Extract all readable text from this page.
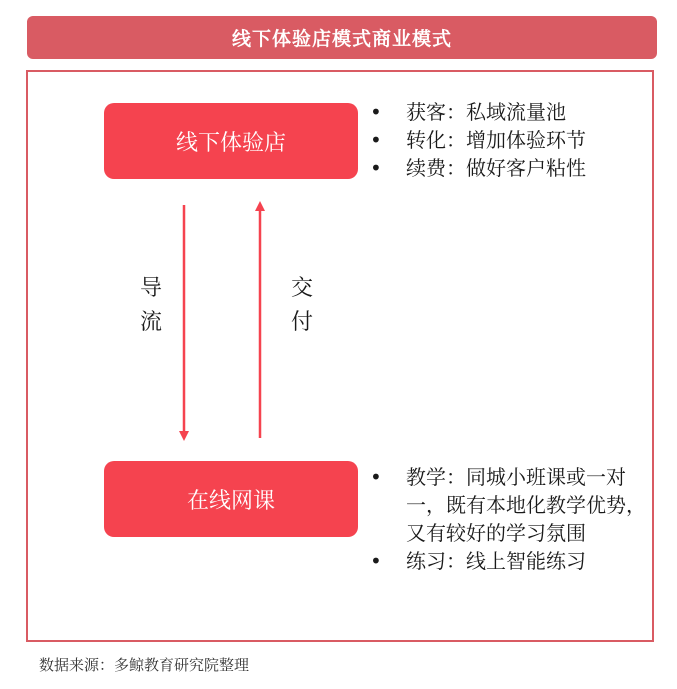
线下体验店模式商业模式
线下体验店
在线网课
导
流
交
付
• 获客：私域流量池
• 转化：增加体验环节
• 续费：做好客户粘性
• 教学：同城小班课或一对一，既有本地化教学优势，又有较好的学习氛围
• 练习：线上智能练习
数据来源：多鲸教育研究院整理
